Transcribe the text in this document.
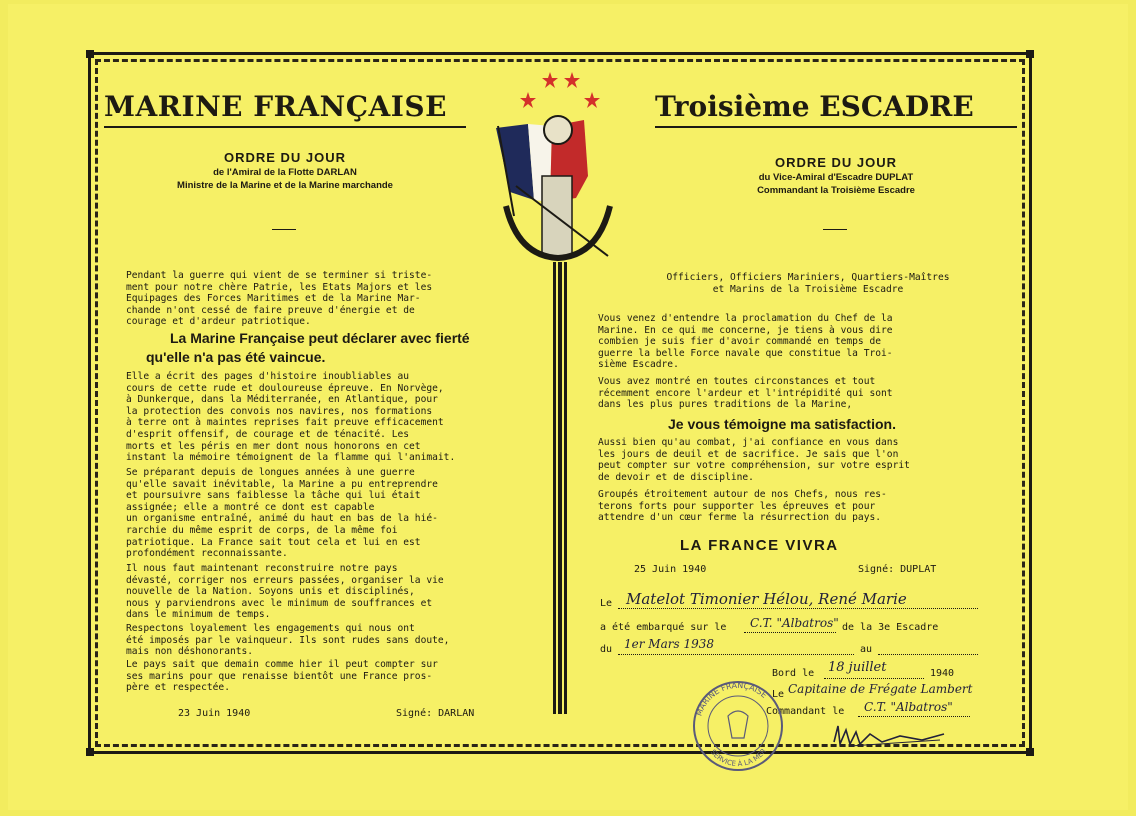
MARINE FRANÇAISE	Troisième ESCADRE
ORDRE DU JOUR
de l'Amiral de la Flotte DARLAN
Ministre de la Marine et de la Marine marchande
ORDRE DU JOUR
du Vice-Amiral d'Escadre DUPLAT
Commandant la Troisième Escadre
Pendant la guerre qui vient de se terminer si triste-
ment pour notre chère Patrie, les Etats Majors et les
Equipages des Forces Maritimes et de la Marine Mar-
chande n'ont cessé de faire preuve d'énergie et de
courage et d'ardeur patriotique.
La Marine Française peut déclarer avec fierté
qu'elle n'a pas été vaincue.
Elle a écrit des pages d'histoire inoubliables au
cours de cette rude et douloureuse épreuve. En Norvège,
à Dunkerque, dans la Méditerranée, en Atlantique, pour
la protection des convois nos navires, nos formations
à terre ont à maintes reprises fait preuve efficacement
d'esprit offensif, de courage et de ténacité. Les
morts et les péris en mer dont nous honorons en cet
instant la mémoire témoignent de la flamme qui l'animait.
Se préparant depuis de longues années à une guerre
qu'elle savait inévitable, la Marine a pu entreprendre
et poursuivre sans faiblesse la tâche qui lui était
assignée; elle a montré ce dont est capable
un organisme entraîné, animé du haut en bas de la hié-
rarchie du même esprit de corps, de la même foi
patriotique. La France sait tout cela et lui en est
profondément reconnaissante.
Il nous faut maintenant reconstruire notre pays
dévasté, corriger nos erreurs passées, organiser la vie
nouvelle de la Nation. Soyons unis et disciplinés,
nous y parviendrons avec le minimum de souffrances et
dans le minimum de temps.
Respectons loyalement les engagements qui nous ont
été imposés par le vainqueur. Ils sont rudes sans doute,
mais non déshonorants.
Le pays sait que demain comme hier il peut compter sur
ses marins pour que renaisse bientôt une France pros-
père et respectée.
23 Juin 1940	Signé: DARLAN
Officiers, Officiers Mariniers, Quartiers-Maîtres
et Marins de la Troisième Escadre
Vous venez d'entendre la proclamation du Chef de la
Marine. En ce qui me concerne, je tiens à vous dire
combien je suis fier d'avoir commandé en temps de
guerre la belle Force navale que constitue la Troi-
sième Escadre.
Vous avez montré en toutes circonstances et tout
récemment encore l'ardeur et l'intrépidité qui sont
dans les plus pures traditions de la Marine,
Je vous témoigne ma satisfaction.
Aussi bien qu'au combat, j'ai confiance en vous dans
les jours de deuil et de sacrifice. Je sais que l'on
peut compter sur votre compréhension, sur votre esprit
de devoir et de discipline.
Groupés étroitement autour de nos Chefs, nous res-
terons forts pour supporter les épreuves et pour
attendre d'un cœur ferme la résurrection du pays.
LA FRANCE VIVRA
25 Juin 1940	Signé: DUPLAT
Le Matelot Timonier Hélou, René Marie
a été embarqué sur le C.T. "Albatros" de la 3e Escadre
du 1er Mars 1938	au
Bord le 18 juillet	1940
Le Capitaine de Frégate Lambert
Commandant le C.T. "Albatros"
MARINE FRANÇAISE
SERVICE À LA MER
